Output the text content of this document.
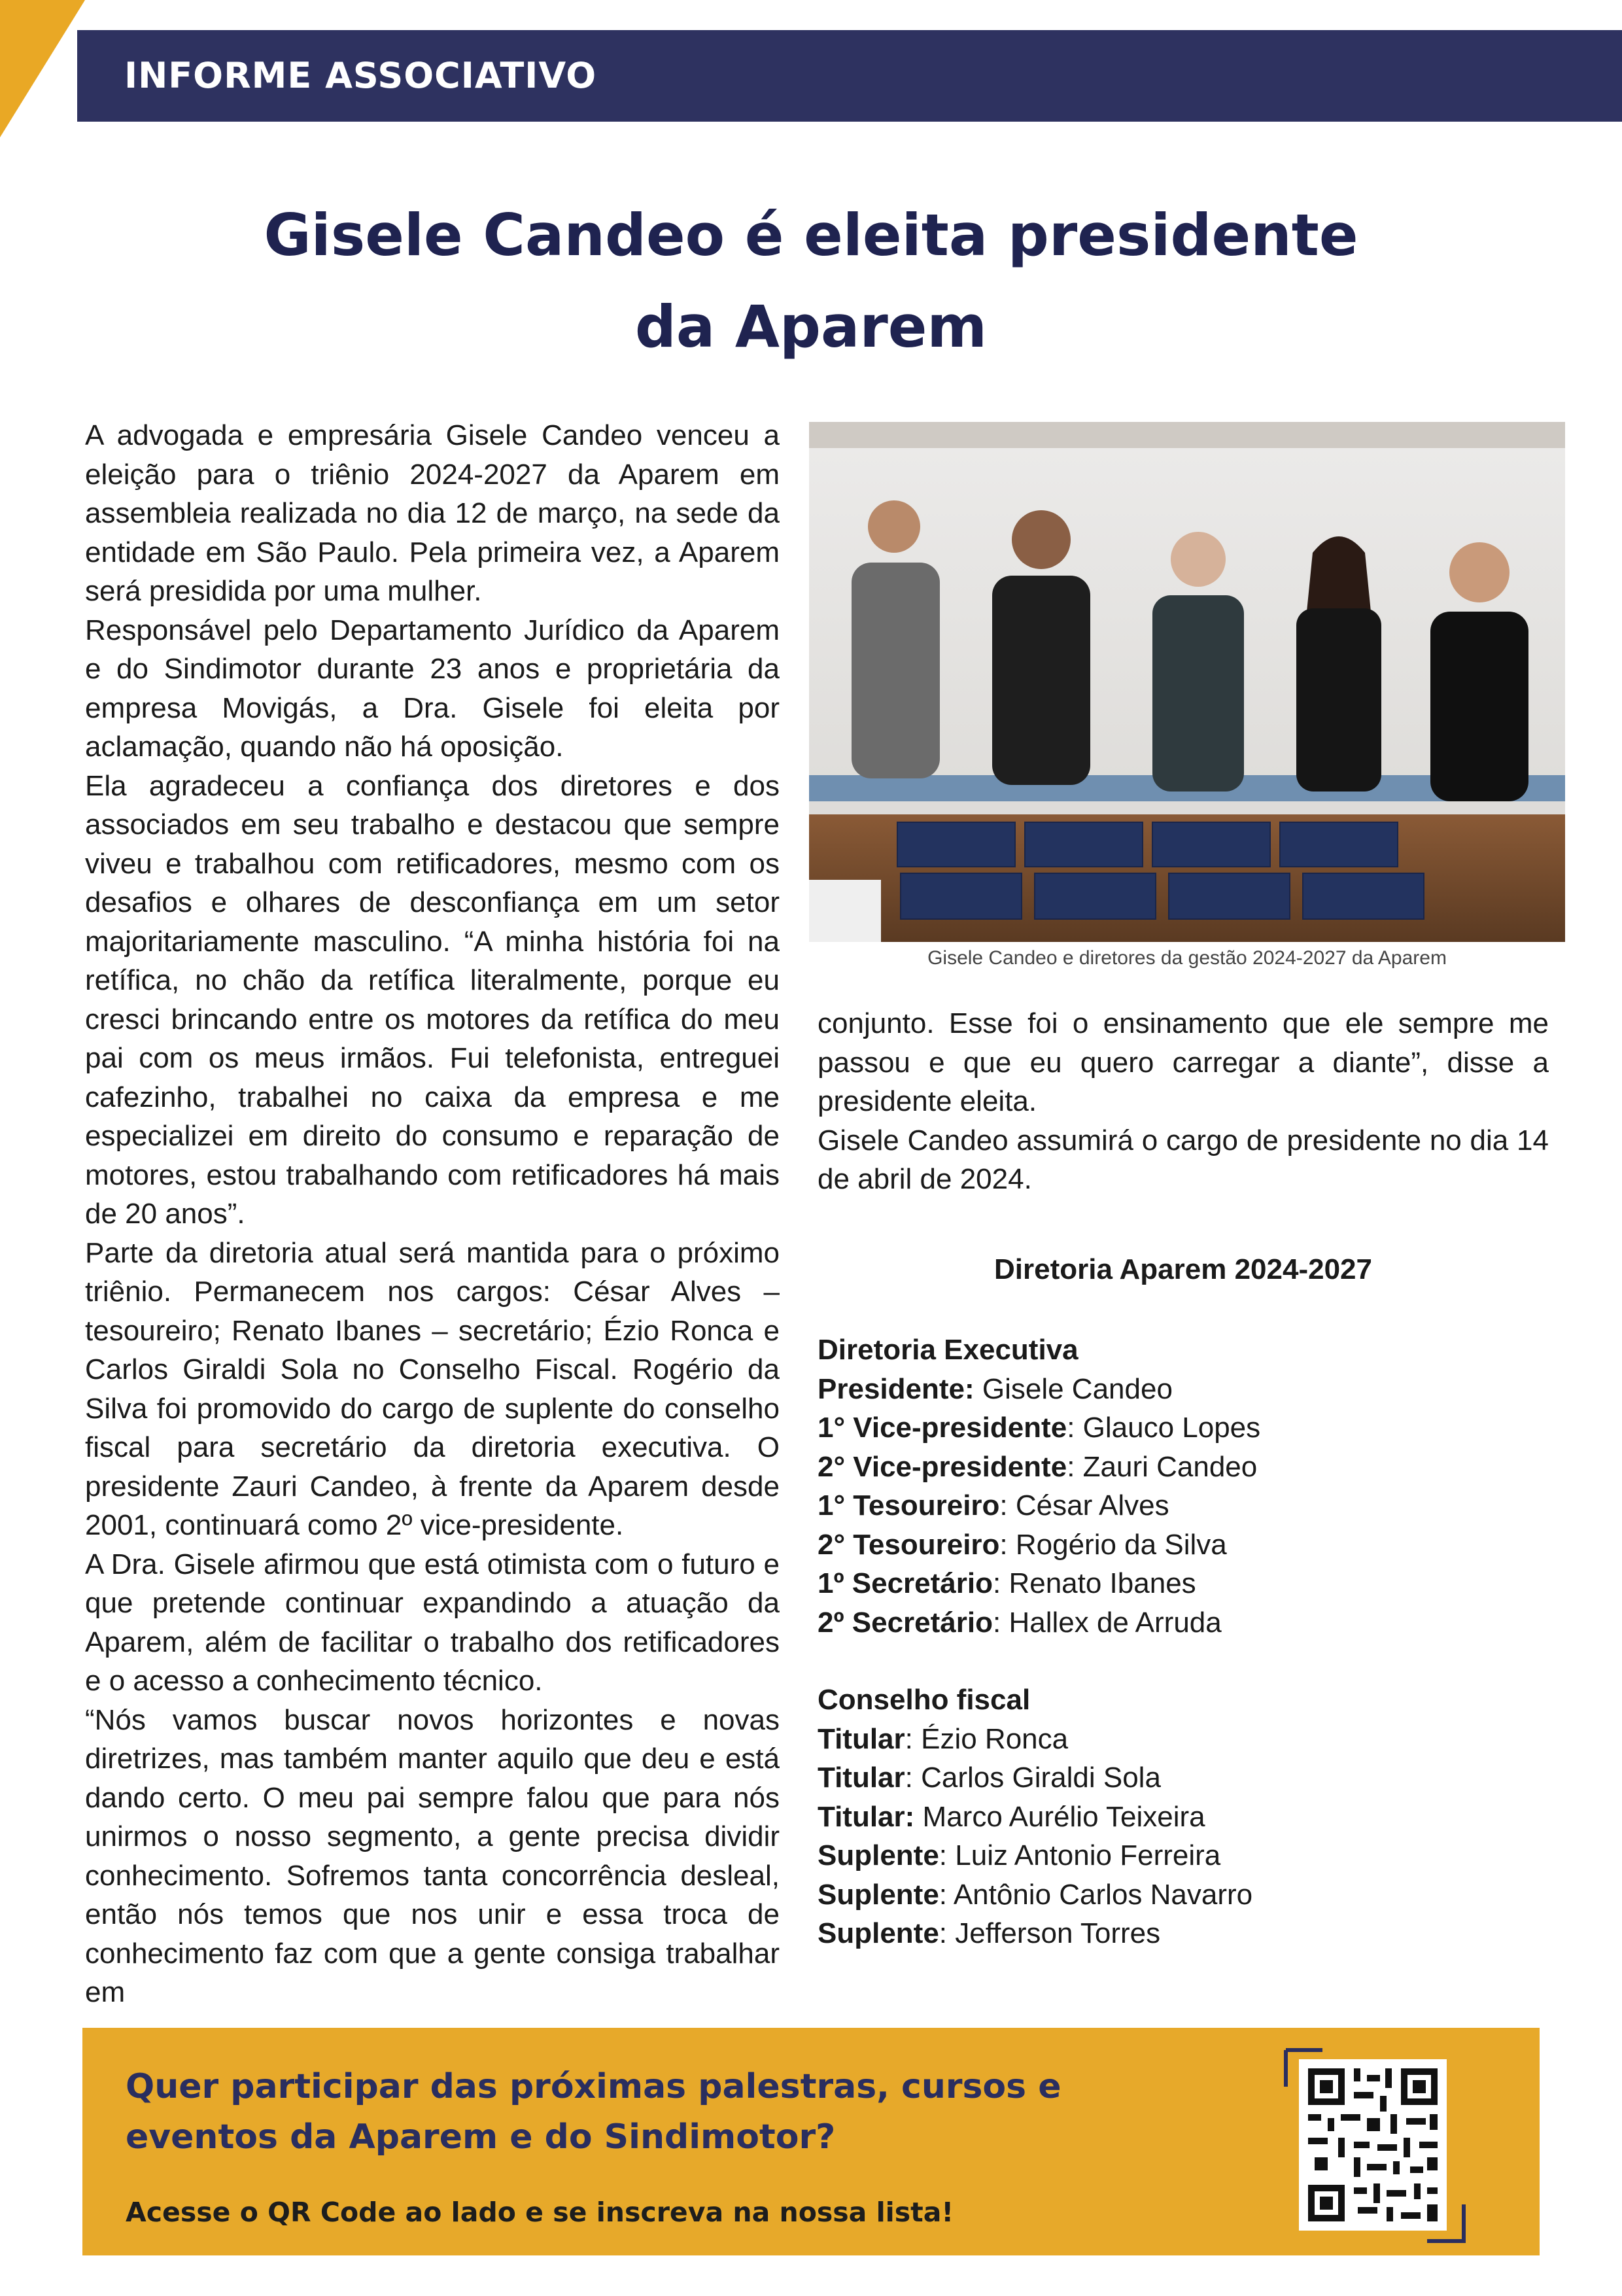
INFORME ASSOCIATIVO
Gisele Candeo é eleita presidente
da Aparem

A advogada e empresária Gisele Candeo venceu a eleição para o triênio 2024-2027 da Aparem em assembleia realizada no dia 12 de março, na sede da entidade em São Paulo. Pela primeira vez, a Aparem será presidida por uma mulher.

Responsável pelo Departamento Jurídico da Aparem e do Sindimotor durante 23 anos e proprietária da empresa Movigás, a Dra. Gisele foi eleita por aclamação, quando não há oposição.

Ela agradeceu a confiança dos diretores e dos associados em seu trabalho e destacou que sempre viveu e trabalhou com retificadores, mesmo com os desafios e olhares de desconfiança em um setor majoritariamente masculino. “A minha história foi na retífica, no chão da retífica literalmente, porque eu cresci brincando entre os motores da retífica do meu pai com os meus irmãos. Fui telefonista, entreguei cafezinho, trabalhei no caixa da empresa e me especializei em direito do consumo e reparação de motores, estou trabalhando com retificadores há mais de 20 anos”.

Parte da diretoria atual será mantida para o próximo triênio. Permanecem nos cargos: César Alves – tesoureiro; Renato Ibanes – secretário; Ézio Ronca e Carlos Giraldi Sola no Conselho Fiscal. Rogério da Silva foi promovido do cargo de suplente do conselho fiscal para secretário da diretoria executiva. O presidente Zauri Candeo, à frente da Aparem desde 2001, continuará como 2º vice-presidente.

A Dra. Gisele afirmou que está otimista com o futuro e que pretende continuar expandindo a atuação da Aparem, além de facilitar o trabalho dos retificadores e o acesso a conhecimento técnico.

“Nós vamos buscar novos horizontes e novas diretrizes, mas também manter aquilo que deu e está dando certo. O meu pai sempre falou que para nós unirmos o nosso segmento, a gente precisa dividir conhecimento. Sofremos tanta concorrência desleal, então nós temos que nos unir e essa troca de conhecimento faz com que a gente consiga trabalhar em

Gisele Candeo e diretores da gestão 2024-2027 da Aparem

conjunto. Esse foi o ensinamento que ele sempre me passou e que eu quero carregar a diante”, disse a presidente eleita.

Gisele Candeo assumirá o cargo de presidente no dia 14 de abril de 2024.

Diretoria Aparem 2024-2027
Diretoria Executiva
Presidente: Gisele Candeo
1° Vice-presidente: Glauco Lopes
2° Vice-presidente: Zauri Candeo
1° Tesoureiro: César Alves
2° Tesoureiro: Rogério da Silva
1º Secretário: Renato Ibanes
2º Secretário: Hallex de Arruda
Conselho fiscal
Titular: Ézio Ronca
Titular: Carlos Giraldi Sola
Titular: Marco Aurélio Teixeira
Suplente: Luiz Antonio Ferreira
Suplente: Antônio Carlos Navarro
Suplente: Jefferson Torres
Quer participar das próximas palestras, cursos e
eventos da Aparem e do Sindimotor?
Acesse o QR Code ao lado e se inscreva na nossa lista!
